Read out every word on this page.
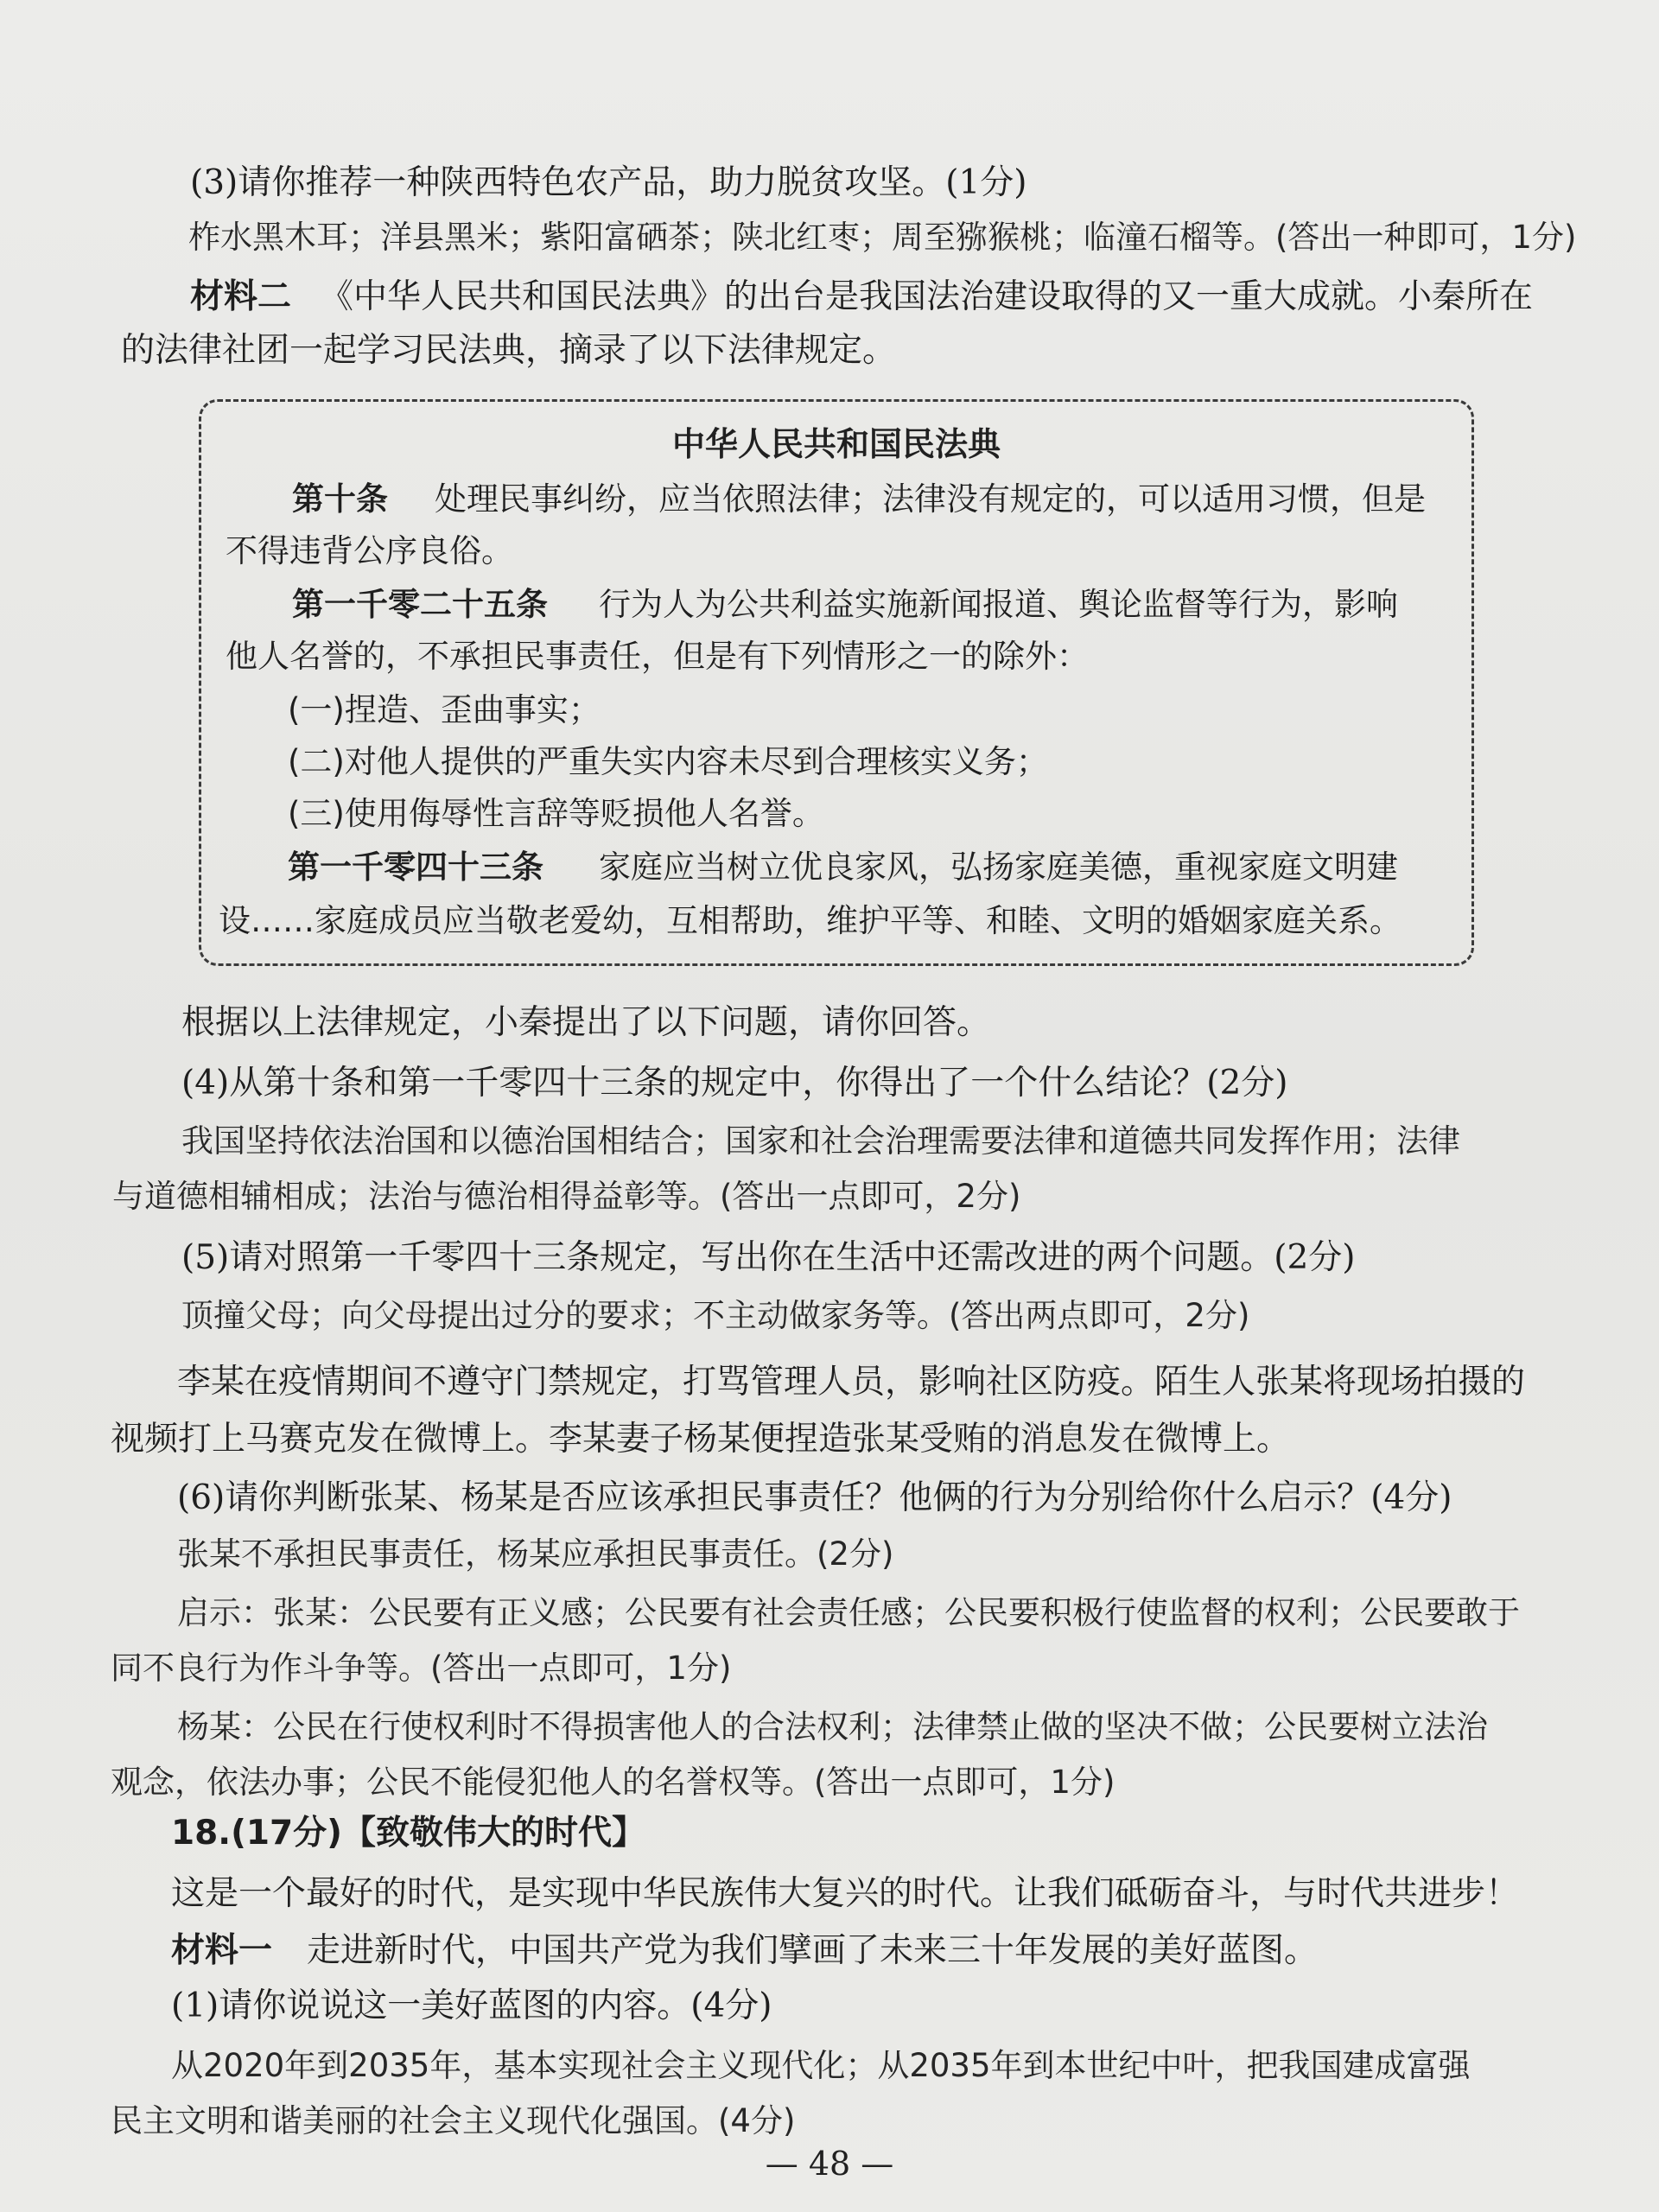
(3)请你推荐一种陕西特色农产品，助力脱贫攻坚。(1分)
柞水黑木耳；洋县黑米；紫阳富硒茶；陕北红枣；周至猕猴桃；临潼石榴等。(答出一种即可，1分)
材料二 《中华人民共和国民法典》的出台是我国法治建设取得的又一重大成就。小秦所在
的法律社团一起学习民法典，摘录了以下法律规定。
中华人民共和国民法典
第十条 处理民事纠纷，应当依照法律；法律没有规定的，可以适用习惯，但是
不得违背公序良俗。
第一千零二十五条 行为人为公共利益实施新闻报道、舆论监督等行为，影响
他人名誉的，不承担民事责任，但是有下列情形之一的除外：
(一)捏造、歪曲事实；
(二)对他人提供的严重失实内容未尽到合理核实义务；
(三)使用侮辱性言辞等贬损他人名誉。
第一千零四十三条 家庭应当树立优良家风，弘扬家庭美德，重视家庭文明建
设……家庭成员应当敬老爱幼，互相帮助，维护平等、和睦、文明的婚姻家庭关系。
根据以上法律规定，小秦提出了以下问题，请你回答。
(4)从第十条和第一千零四十三条的规定中，你得出了一个什么结论？(2分)
我国坚持依法治国和以德治国相结合；国家和社会治理需要法律和道德共同发挥作用；法律
与道德相辅相成；法治与德治相得益彰等。(答出一点即可，2分)
(5)请对照第一千零四十三条规定，写出你在生活中还需改进的两个问题。(2分)
顶撞父母；向父母提出过分的要求；不主动做家务等。(答出两点即可，2分)
李某在疫情期间不遵守门禁规定，打骂管理人员，影响社区防疫。陌生人张某将现场拍摄的
视频打上马赛克发在微博上。李某妻子杨某便捏造张某受贿的消息发在微博上。
(6)请你判断张某、杨某是否应该承担民事责任？他俩的行为分别给你什么启示？(4分)
张某不承担民事责任，杨某应承担民事责任。(2分)
启示：张某：公民要有正义感；公民要有社会责任感；公民要积极行使监督的权利；公民要敢于
同不良行为作斗争等。(答出一点即可，1分)
杨某：公民在行使权利时不得损害他人的合法权利；法律禁止做的坚决不做；公民要树立法治
观念，依法办事；公民不能侵犯他人的名誉权等。(答出一点即可，1分)
18.(17分)【致敬伟大的时代】
这是一个最好的时代，是实现中华民族伟大复兴的时代。让我们砥砺奋斗，与时代共进步！
材料一 走进新时代，中国共产党为我们擘画了未来三十年发展的美好蓝图。
(1)请你说说这一美好蓝图的内容。(4分)
从2020年到2035年，基本实现社会主义现代化；从2035年到本世纪中叶，把我国建成富强
民主文明和谐美丽的社会主义现代化强国。(4分)
— 48 —
